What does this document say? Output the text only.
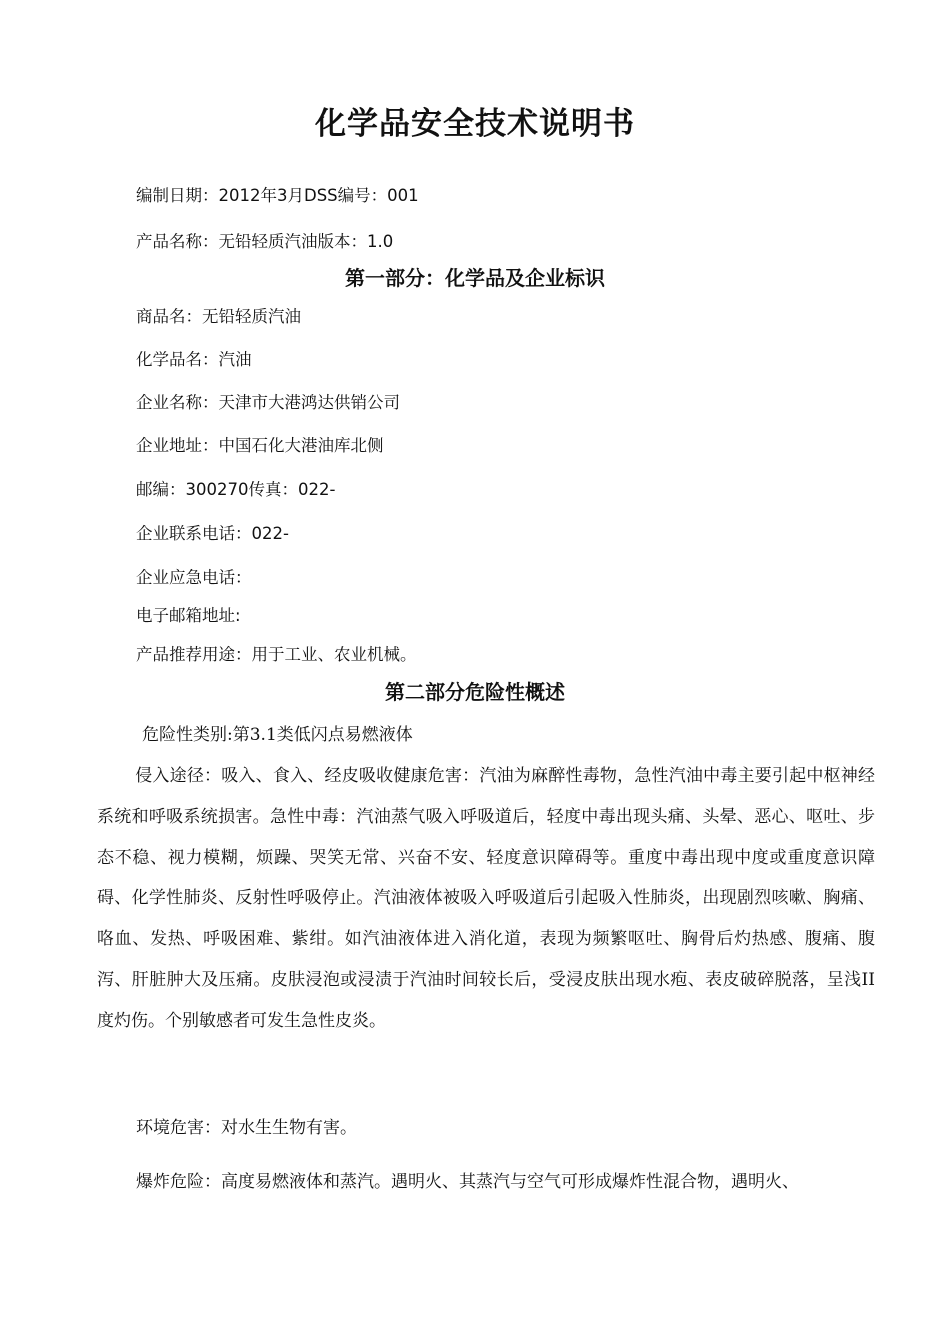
化学品安全技术说明书
编制日期：2012年3月DSS编号：001
产品名称：无铅轻质汽油版本：1.0
第一部分：化学品及企业标识
商品名：无铅轻质汽油
化学品名：汽油
企业名称：天津市大港鸿达供销公司
企业地址：中国石化大港油库北侧
邮编：300270传真：022-
企业联系电话：022-
企业应急电话：
电子邮箱地址:
产品推荐用途：用于工业、农业机械。
第二部分危险性概述
危险性类别:第3.1类低闪点易燃液体
侵入途径：吸入、食入、经皮吸收健康危害：汽油为麻醉性毒物，急性汽油中毒主要引起中枢神经系统和呼吸系统损害。急性中毒：汽油蒸气吸入呼吸道后，轻度中毒出现头痛、头晕、恶心、呕吐、步态不稳、视力模糊，烦躁、哭笑无常、兴奋不安、轻度意识障碍等。重度中毒出现中度或重度意识障碍、化学性肺炎、反射性呼吸停止。汽油液体被吸入呼吸道后引起吸入性肺炎，出现剧烈咳嗽、胸痛、咯血、发热、呼吸困难、紫绀。如汽油液体进入消化道，表现为频繁呕吐、胸骨后灼热感、腹痛、腹泻、肝脏肿大及压痛。皮肤浸泡或浸渍于汽油时间较长后，受浸皮肤出现水疱、表皮破碎脱落，呈浅II度灼伤。个别敏感者可发生急性皮炎。
环境危害：对水生生物有害。
爆炸危险：高度易燃液体和蒸汽。遇明火、其蒸汽与空气可形成爆炸性混合物，遇明火、
